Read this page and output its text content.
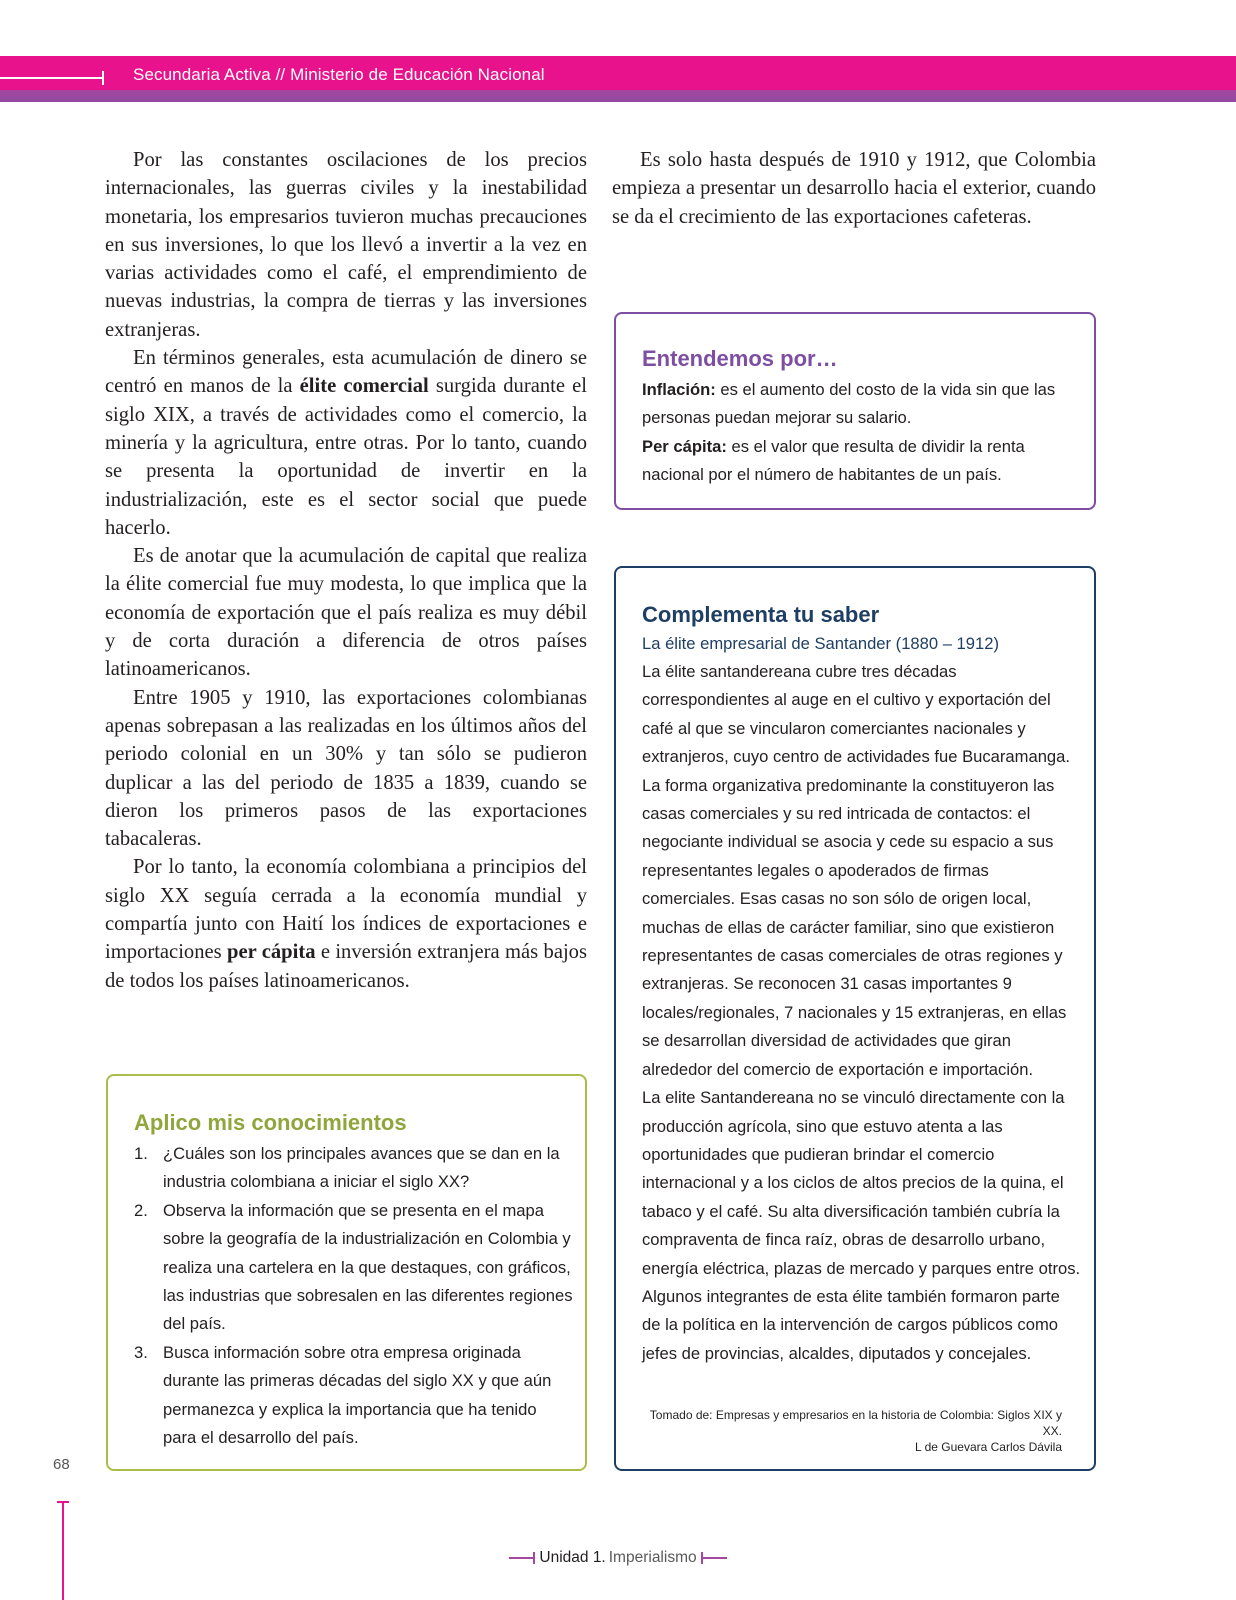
Secundaria Activa // Ministerio de Educación Nacional

Por las constantes oscilaciones de los precios internacionales, las guerras civiles y la inestabilidad monetaria, los empresarios tuvieron muchas precauciones en sus inversiones, lo que los llevó a invertir a la vez en varias actividades como el café, el emprendimiento de nuevas industrias, la compra de tierras y las inversiones extranjeras.

En términos generales, esta acumulación de dinero se centró en manos de la élite comercial surgida durante el siglo XIX, a través de actividades como el comercio, la minería y la agricultura, entre otras. Por lo tanto, cuando se presenta la oportunidad de invertir en la industrialización, este es el sector social que puede hacerlo.

Es de anotar que la acumulación de capital que realiza la élite comercial fue muy modesta, lo que implica que la economía de exportación que el país realiza es muy débil y de corta duración a diferencia de otros países latinoamericanos.

Entre 1905 y 1910, las exportaciones colombianas apenas sobrepasan a las realizadas en los últimos años del periodo colonial en un 30% y tan sólo se pudieron duplicar a las del periodo de 1835 a 1839, cuando se dieron los primeros pasos de las exportaciones tabacaleras.

Por lo tanto, la economía colombiana a principios del siglo XX seguía cerrada a la economía mundial y compartía junto con Haití los índices de exportaciones e importaciones per cápita e inversión extranjera más bajos de todos los países latinoamericanos.

Es solo hasta después de 1910 y 1912, que Colombia empieza a presentar un desarrollo hacia el exterior, cuando se da el crecimiento de las exportaciones cafeteras.

Entendemos por…
Inflación: es el aumento del costo de la vida sin que las personas puedan mejorar su salario.
Per cápita: es el valor que resulta de dividir la renta nacional por el número de habitantes de un país.
Aplico mis conocimientos
1. ¿Cuáles son los principales avances que se dan en la industria colombiana a iniciar el siglo XX?
2. Observa la información que se presenta en el mapa sobre la geografía de la industrialización en Colombia y realiza una cartelera en la que destaques, con gráficos, las industrias que sobresalen en las diferentes regiones del país.
3. Busca información sobre otra empresa originada durante las primeras décadas del siglo XX y que aún permanezca y explica la importancia que ha tenido para el desarrollo del país.
Complementa tu saber
La élite empresarial de Santander (1880 – 1912)
La élite santandereana cubre tres décadas correspondientes al auge en el cultivo y exportación del café al que se vincularon comerciantes nacionales y extranjeros, cuyo centro de actividades fue Bucaramanga. La forma organizativa predominante la constituyeron las casas comerciales y su red intricada de contactos: el negociante individual se asocia y cede su espacio a sus representantes legales o apoderados de firmas comerciales. Esas casas no son sólo de origen local, muchas de ellas de carácter familiar, sino que existieron representantes de casas comerciales de otras regiones y extranjeras. Se reconocen 31 casas importantes 9 locales/regionales, 7 nacionales y 15 extranjeras, en ellas se desarrollan diversidad de actividades que giran alrededor del comercio de exportación e importación.
La elite Santandereana no se vinculó directamente con la producción agrícola, sino que estuvo atenta a las oportunidades que pudieran brindar el comercio internacional y a los ciclos de altos precios de la quina, el tabaco y el café. Su alta diversificación también cubría la compraventa de finca raíz, obras de desarrollo urbano, energía eléctrica, plazas de mercado y parques entre otros. Algunos integrantes de esta élite también formaron parte de la política en la intervención de cargos públicos como jefes de provincias, alcaldes, diputados y concejales.
Tomado de: Empresas y empresarios en la historia de Colombia: Siglos XIX y XX.
L de Guevara Carlos Dávila
68
Unidad 1. Imperialismo
